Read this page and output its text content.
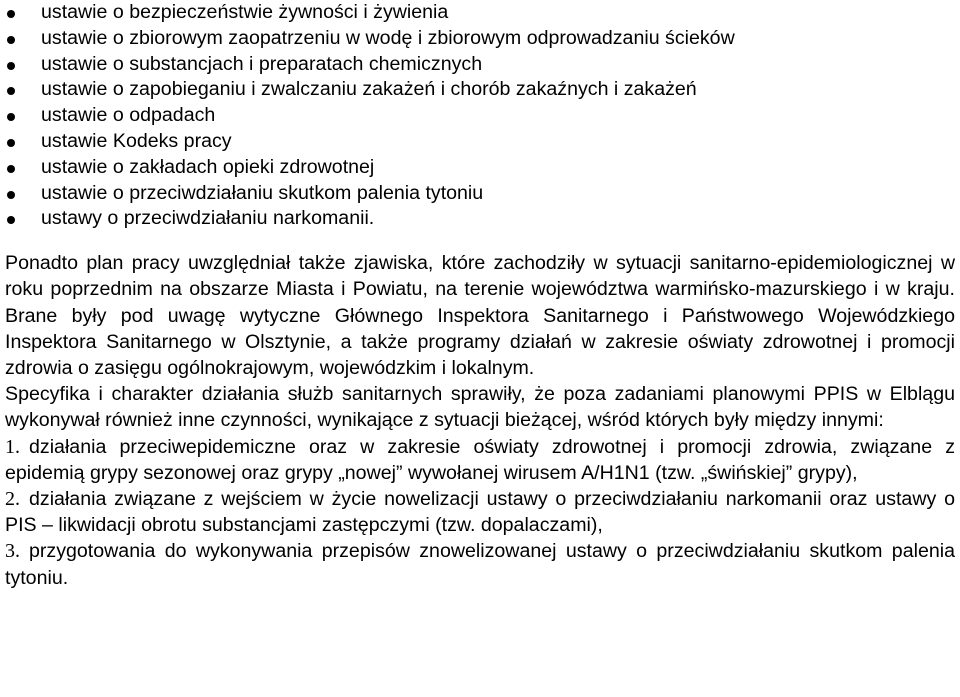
ustawie o bezpieczeństwie żywności i żywienia
ustawie o zbiorowym zaopatrzeniu w wodę i zbiorowym odprowadzaniu ścieków
ustawie o substancjach i preparatach chemicznych
ustawie o zapobieganiu i zwalczaniu zakażeń i chorób zakaźnych i zakażeń
ustawie o odpadach
ustawie Kodeks pracy
ustawie o zakładach opieki zdrowotnej
ustawie o przeciwdziałaniu skutkom palenia tytoniu
ustawy o przeciwdziałaniu narkomanii.

Ponadto plan pracy uwzględniał także zjawiska, które zachodziły w sytuacji sanitarno-epidemiologicznej w roku poprzednim na obszarze Miasta i Powiatu, na terenie województwa warmińsko-mazurskiego i w kraju. Brane były pod uwagę wytyczne Głównego Inspektora Sanitarnego i Państwowego Wojewódzkiego Inspektora Sanitarnego w Olsztynie, a także programy działań w zakresie oświaty zdrowotnej i promocji zdrowia o zasięgu ogólnokrajowym, wojewódzkim i lokalnym.

Specyfika i charakter działania służb sanitarnych sprawiły, że poza zadaniami planowymi PPIS w Elblągu wykonywał również inne czynności, wynikające z sytuacji bieżącej, wśród których były między innymi:

1. działania przeciwepidemiczne oraz w zakresie oświaty zdrowotnej i promocji zdrowia, związane z epidemią grypy sezonowej oraz grypy „nowej” wywołanej wirusem A/H1N1 (tzw. „świńskiej” grypy),
2. działania związane z wejściem w życie nowelizacji ustawy o przeciwdziałaniu narkomanii oraz ustawy o PIS – likwidacji obrotu substancjami zastępczymi (tzw. dopalaczami),
3. przygotowania do wykonywania przepisów znowelizowanej ustawy o przeciwdziałaniu skutkom palenia tytoniu.
